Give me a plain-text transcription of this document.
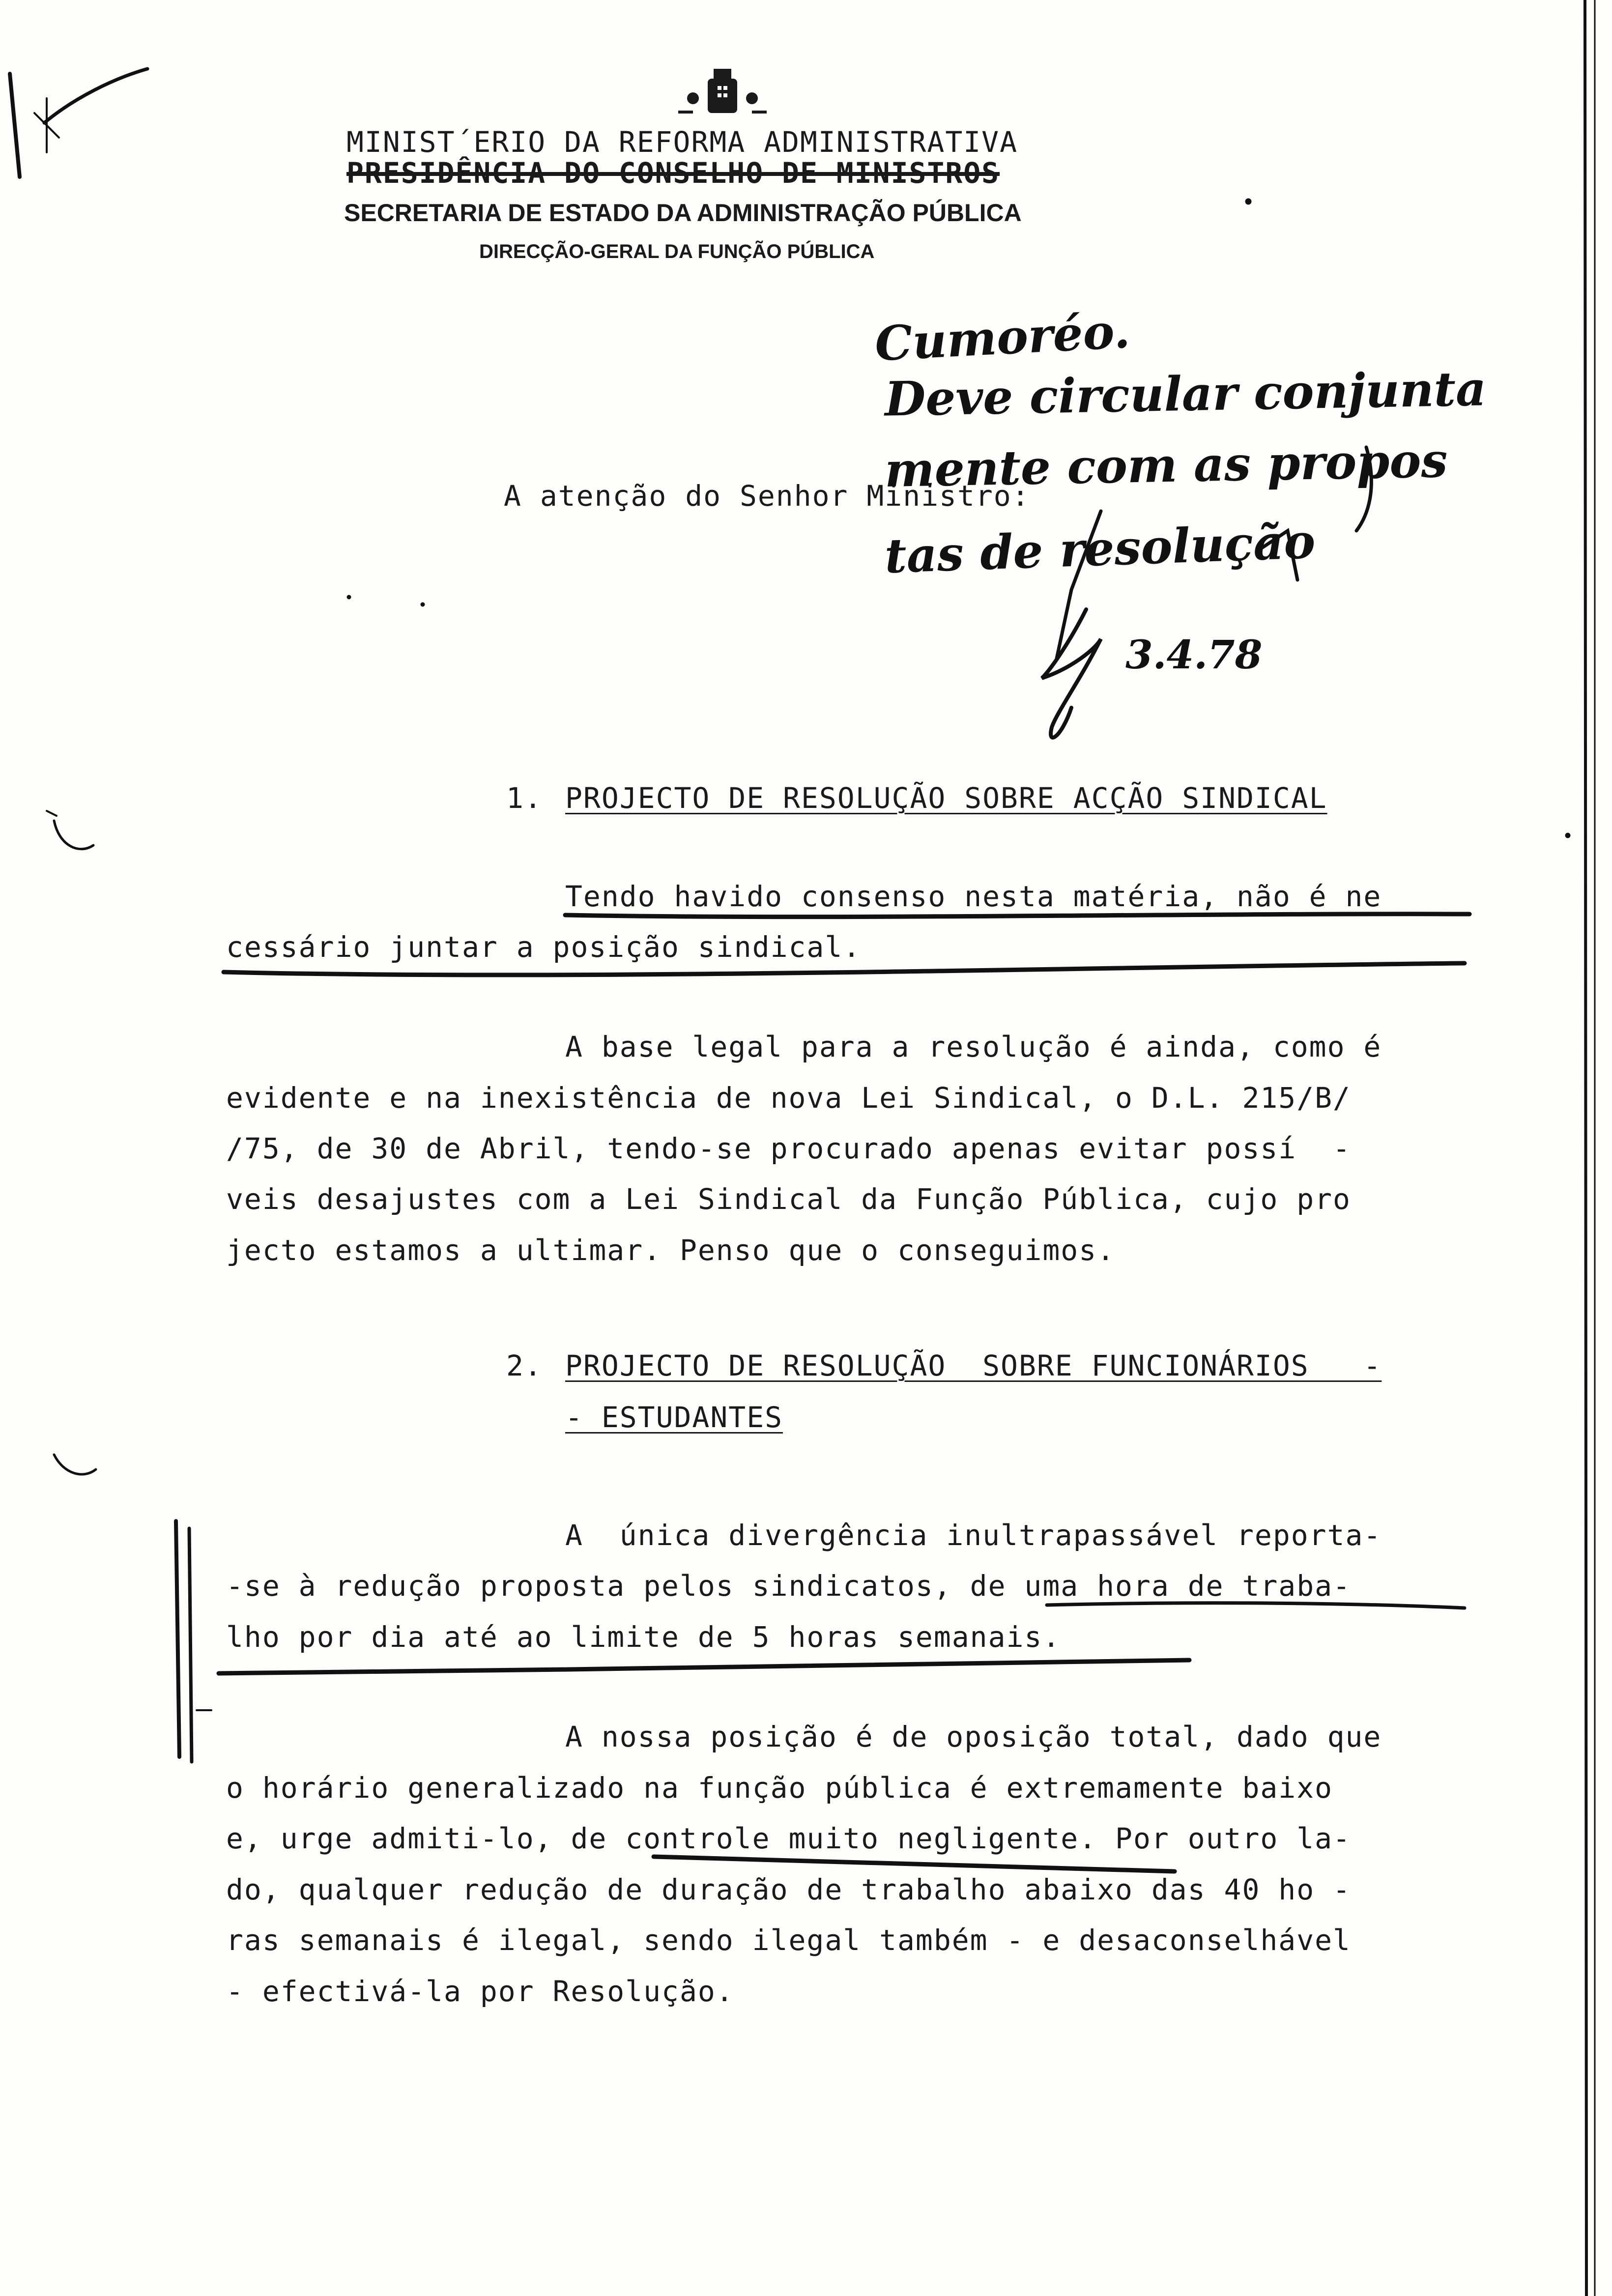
MINIST´ERIO DA REFORMA ADMINISTRATIVA
PRESIDÊNCIA DO CONSELHO DE MINISTROS
SECRETARIA DE ESTADO DA ADMINISTRAÇÃO PÚBLICA
DIRECÇÃO-GERAL DA FUNÇÃO PÚBLICA
A atenção do Senhor Ministro:
Cumoréo.
Deve circular conjunta
mente com as propos
tas de resolução
3.4.78
1. PROJECTO DE RESOLUÇÃO SOBRE ACÇÃO SINDICAL
Tendo havido consenso nesta matéria, não é ne
cessário juntar a posição sindical.
A base legal para a resolução é ainda, como é
evidente e na inexistência de nova Lei Sindical, o D.L. 215/B/
/75, de 30 de Abril, tendo-se procurado apenas evitar possí  -
veis desajustes com a Lei Sindical da Função Pública, cujo pro
jecto estamos a ultimar. Penso que o conseguimos.
2. PROJECTO DE RESOLUÇÃO  SOBRE FUNCIONÁRIOS   -
- ESTUDANTES
A  única divergência inultrapassável reporta-
-se à redução proposta pelos sindicatos, de uma hora de traba-
lho por dia até ao limite de 5 horas semanais.
A nossa posição é de oposição total, dado que
o horário generalizado na função pública é extremamente baixo
e, urge admiti-lo, de controle muito negligente. Por outro la-
do, qualquer redução de duração de trabalho abaixo das 40 ho -
ras semanais é ilegal, sendo ilegal também - e desaconselhável
- efectivá-la por Resolução.
